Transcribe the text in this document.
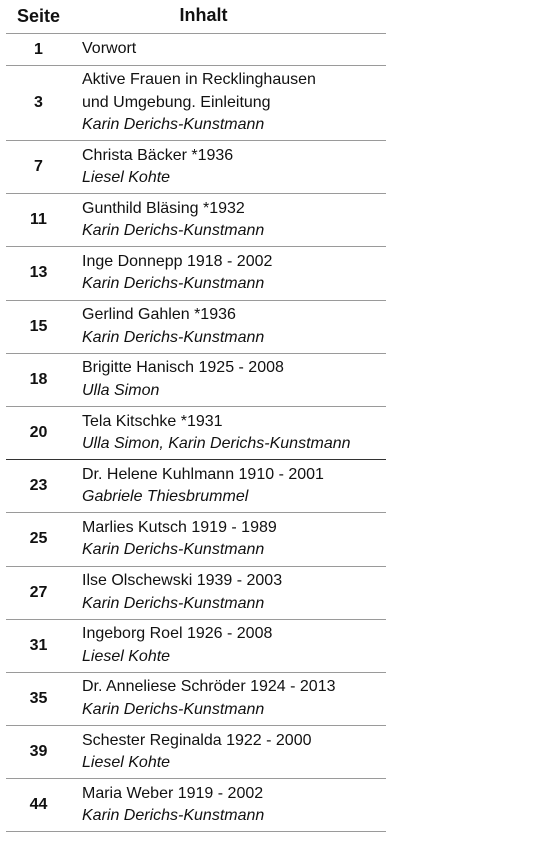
Seite	Inhalt
1	Vorwort
3
Aktive Frauen in Recklinghausen
und Umgebung. Einleitung
Karin Derichs-Kunstmann
7
Christa Bäcker *1936
Liesel Kohte
11
Gunthild Bläsing *1932
Karin Derichs-Kunstmann
13
Inge Donnepp 1918 - 2002
Karin Derichs-Kunstmann
15
Gerlind Gahlen *1936
Karin Derichs-Kunstmann
18
Brigitte Hanisch 1925 - 2008
Ulla Simon
20
Tela Kitschke *1931
Ulla Simon, Karin Derichs-Kunstmann
23
Dr. Helene Kuhlmann 1910 - 2001
Gabriele Thiesbrummel
25
Marlies Kutsch 1919 - 1989
Karin Derichs-Kunstmann
27
Ilse Olschewski 1939 - 2003
Karin Derichs-Kunstmann
31
Ingeborg Roel 1926 - 2008
Liesel Kohte
35
Dr. Anneliese Schröder 1924 - 2013
Karin Derichs-Kunstmann
39
Schester Reginalda 1922 - 2000
Liesel Kohte
44
Maria Weber 1919 - 2002
Karin Derichs-Kunstmann
